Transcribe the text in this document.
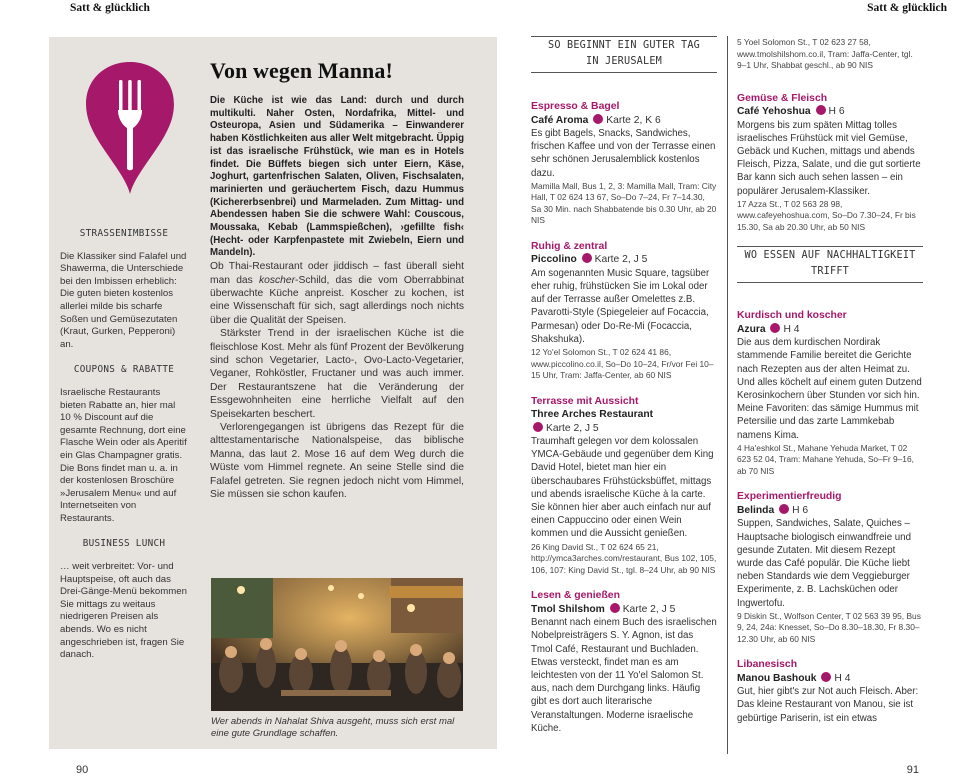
Satt & glücklich	Satt & glücklich
STRASSENIMBISSE
Die Klassiker sind Falafel und Shawerma, die Unterschiede bei den Imbissen erheblich: Die guten bieten kostenlos allerlei milde bis scharfe Soßen und Gemüsezutaten (Kraut, Gurken, Pepperoni) an.
COUPONS & RABATTE
Israelische Restaurants bieten Rabatte an, hier mal 10 % Discount auf die gesamte Rechnung, dort eine Flasche Wein oder als Aperitif ein Glas Champagner gratis. Die Bons findet man u. a. in der kostenlosen Broschüre »Jerusalem Menu« und auf Internetseiten von Restaurants.
BUSINESS LUNCH
… weit verbreitet: Vor- und Hauptspeise, oft auch das Drei-Gänge-Menü bekommen Sie mittags zu weitaus niedrigeren Preisen als abends. Wo es nicht angeschrieben ist, fragen Sie danach.
Von wegen Manna!

Die Küche ist wie das Land: durch und durch multikulti. Naher Osten, Nordafrika, Mittel- und Osteuropa, Asien und Südamerika – Einwanderer haben Köstlichkeiten aus aller Welt mitgebracht. Üppig ist das israelische Frühstück, wie man es in Hotels findet. Die Büffets biegen sich unter Eiern, Käse, Joghurt, gartenfrischen Salaten, Oliven, Fischsalaten, marinierten und geräuchertem Fisch, dazu Hummus (Kichererbsenbrei) und Marmeladen. Zum Mittag- und Abendessen haben Sie die schwere Wahl: Couscous, Moussaka, Kebab (Lammspießchen), ›gefillte fish‹ (Hecht- oder Karpfenpastete mit Zwiebeln, Eiern und Mandeln).

Ob Thai-Restaurant oder jiddisch – fast überall sieht man das koscher-Schild, das die vom Oberrabbinat überwachte Küche anpreist. Koscher zu kochen, ist eine Wissenschaft für sich, sagt allerdings noch nichts über die Qualität der Speisen.

Stärkster Trend in der israelischen Küche ist die fleischlose Kost. Mehr als fünf Prozent der Bevölkerung sind schon Vegetarier, Lacto-, Ovo-Lacto-Vegetarier, Veganer, Rohköstler, Fructaner und was auch immer. Der Restaurantszene hat die Veränderung der Essgewohnheiten eine herrliche Vielfalt auf den Speisekarten beschert.

Verlorengegangen ist übrigens das Rezept für die alttestamentarische Nationalspeise, das biblische Manna, das laut 2. Mose 16 auf dem Weg durch die Wüste vom Himmel regnete. An seine Stelle sind die Falafel getreten. Sie regnen jedoch nicht vom Himmel, Sie müssen sie schon kaufen.

Wer abends in Nahalat Shiva ausgeht, muss sich erst mal eine gute Grundlage schaffen.
90
SO BEGINNT EIN GUTER TAG
IN JERUSALEM
Espresso & Bagel
Café Aroma Karte 2, K 6
Es gibt Bagels, Snacks, Sandwiches, frischen Kaffee und von der Terrasse einen sehr schönen Jerusalemblick kostenlos dazu.
Mamilla Mall, Bus 1, 2, 3: Mamilla Mall, Tram: City Hall, T 02 624 13 67, So–Do 7–24, Fr 7–14.30, Sa 30 Min. nach Shabbatende bis 0.30 Uhr, ab 20 NIS
Ruhig & zentral
Piccolino Karte 2, J 5
Am sogenannten Music Square, tagsüber eher ruhig, frühstücken Sie im Lokal oder auf der Terrasse außer Omelettes z.B. Pavarotti-Style (Spiegeleier auf Focaccia, Parmesan) oder Do-Re-Mi (Focaccia, Shakshuka).
12 Yo'el Solomon St., T 02 624 41 86, www.piccolino.co.il, So–Do 10–24, Fr/vor Fei 10–15 Uhr, Tram: Jaffa-Center, ab 60 NIS
Terrasse mit Aussicht
Three Arches Restaurant
Karte 2, J 5
Traumhaft gelegen vor dem kolossalen YMCA-Gebäude und gegenüber dem King David Hotel, bietet man hier ein überschaubares Frühstücksbüffet, mittags und abends israelische Küche à la carte. Sie können hier aber auch einfach nur auf einen Cappuccino oder einen Wein kommen und die Aussicht genießen.
26 King David St., T 02 624 65 21, http://ymca3arches.com/restaurant, Bus 102, 105, 106, 107: King David St., tgl. 8–24 Uhr, ab 90 NIS
Lesen & genießen
Tmol Shilshom Karte 2, J 5
Benannt nach einem Buch des israelischen Nobelpreisträgers S. Y. Agnon, ist das Tmol Café, Restaurant und Buchladen. Etwas versteckt, findet man es am leichtesten von der 11 Yo'el Salomon St. aus, nach dem Durchgang links. Häufig gibt es dort auch literarische Veranstaltungen. Moderne israelische Küche.
5 Yoel Solomon St., T 02 623 27 58, www.tmolshilshom.co.il, Tram: Jaffa-Center, tgl. 9–1 Uhr, Shabbat geschl., ab 90 NIS
Gemüse & Fleisch
Café Yehoshua H 6
Morgens bis zum späten Mittag tolles israelisches Frühstück mit viel Gemüse, Gebäck und Kuchen, mittags und abends Fleisch, Pizza, Salate, und die gut sortierte Bar kann sich auch sehen lassen – ein populärer Jerusalem-Klassiker.
17 Azza St., T 02 563 28 98, www.cafeyehoshua.com, So–Do 7.30–24, Fr bis 15.30, Sa ab 20.30 Uhr, ab 50 NIS
WO ESSEN AUF NACHHALTIGKEIT
TRIFFT
Kurdisch und koscher
Azura H 4
Die aus dem kurdischen Nordirak stammende Familie bereitet die Gerichte nach Rezepten aus der alten Heimat zu. Und alles köchelt auf einem guten Dutzend Kerosinkochern über Stunden vor sich hin. Meine Favoriten: das sämige Hummus mit Petersilie und das zarte Lammkebab namens Kima.
4 Ha'eshkol St., Mahane Yehuda Market, T 02 623 52 04, Tram: Mahane Yehuda, So–Fr 9–16, ab 70 NIS
Experimentierfreudig
Belinda H 6
Suppen, Sandwiches, Salate, Quiches – Hauptsache biologisch einwandfreie und gesunde Zutaten. Mit diesem Rezept wurde das Café populär. Die Küche liebt neben Standards wie dem Veggieburger Experimente, z. B. Lachsküchen oder Ingwertofu.
9 Diskin St., Wolfson Center, T 02 563 39 95, Bus 9, 24, 24a: Knesset, So–Do 8.30–18.30, Fr 8.30–12.30 Uhr, ab 60 NIS
Libanesisch
Manou Bashouk H 4
Gut, hier gibt's zur Not auch Fleisch. Aber: Das kleine Restaurant von Manou, sie ist gebürtige Pariserin, ist ein etwas
91
